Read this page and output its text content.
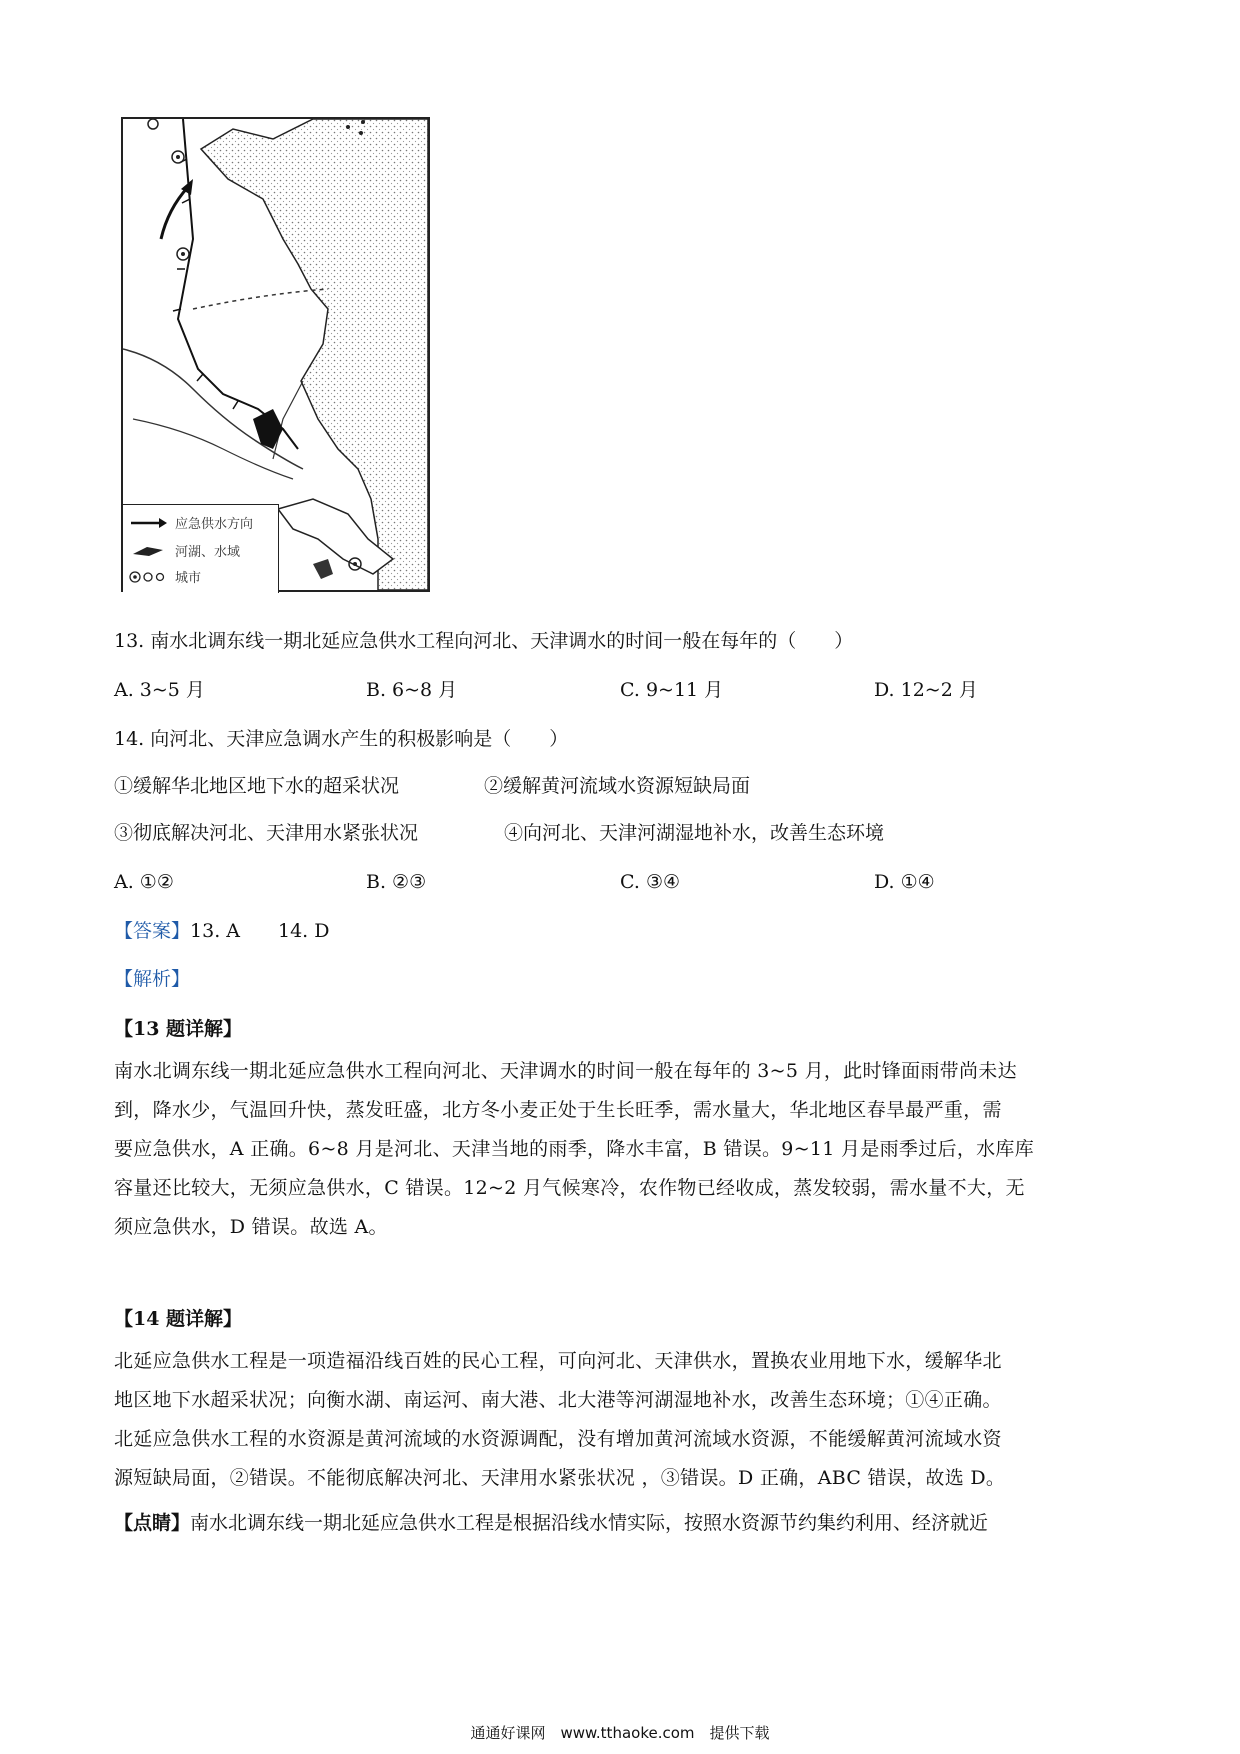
应急供水方向
河湖、水域
城市
13. 南水北调东线一期北延应急供水工程向河北、天津调水的时间一般在每年的（　　）
A. 3~5 月	B. 6~8 月	C. 9~11 月	D. 12~2 月
14. 向河北、天津应急调水产生的积极影响是（　　）
①缓解华北地区地下水的超采状况	②缓解黄河流域水资源短缺局面
③彻底解决河北、天津用水紧张状况	④向河北、天津河湖湿地补水，改善生态环境
A. ①②	B. ②③	C. ③④	D. ①④
【答案】13. A　　14. D
【解析】
【13 题详解】
南水北调东线一期北延应急供水工程向河北、天津调水的时间一般在每年的 3~5 月，此时锋面雨带尚未达
到，降水少，气温回升快，蒸发旺盛，北方冬小麦正处于生长旺季，需水量大，华北地区春旱最严重，需
要应急供水，A 正确。6~8 月是河北、天津当地的雨季，降水丰富，B 错误。9~11 月是雨季过后，水库库
容量还比较大，无须应急供水，C 错误。12~2 月气候寒冷，农作物已经收成，蒸发较弱，需水量不大，无
须应急供水，D 错误。故选 A。
【14 题详解】
北延应急供水工程是一项造福沿线百姓的民心工程，可向河北、天津供水，置换农业用地下水，缓解华北
地区地下水超采状况；向衡水湖、南运河、南大港、北大港等河湖湿地补水，改善生态环境；①④正确。
北延应急供水工程的水资源是黄河流域的水资源调配，没有增加黄河流域水资源，不能缓解黄河流域水资
源短缺局面，②错误。不能彻底解决河北、天津用水紧张状况 ，③错误。D 正确，ABC 错误，故选 D。
【点睛】南水北调东线一期北延应急供水工程是根据沿线水情实际，按照水资源节约集约利用、经济就近
通通好课网　www.tthaoke.com　提供下载
